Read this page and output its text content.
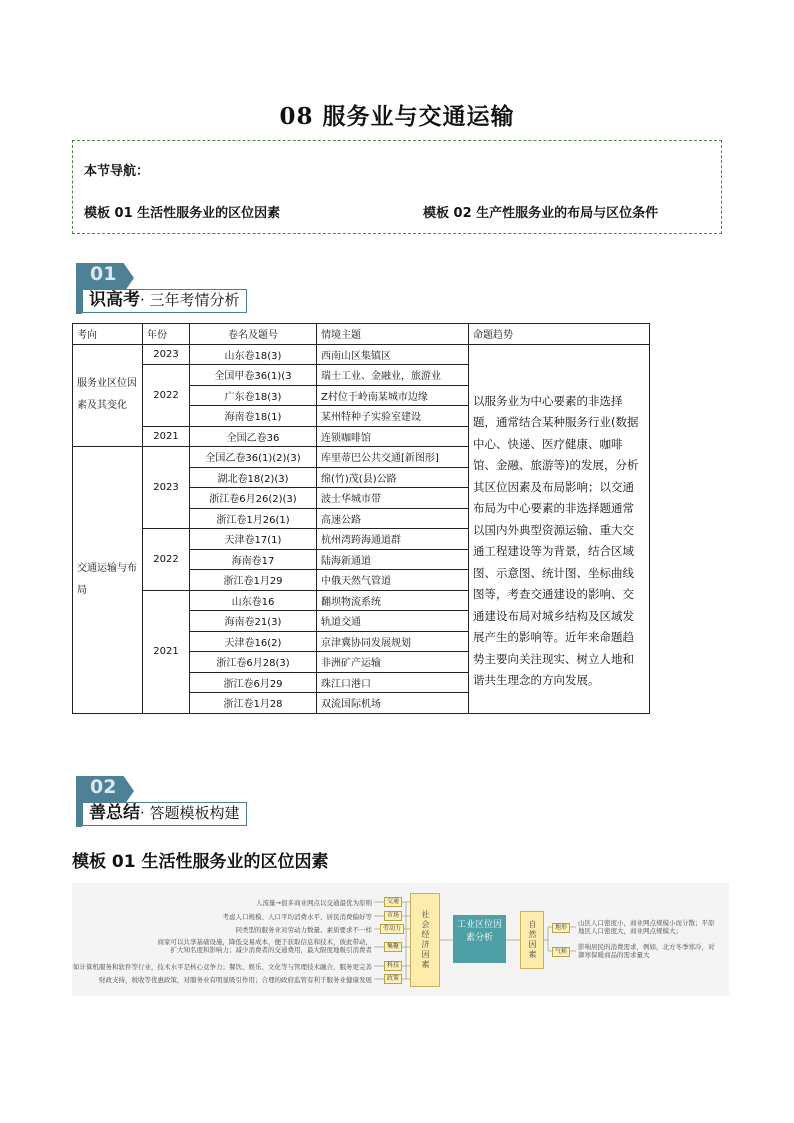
08 服务业与交通运输
本节导航：
模板 01 生活性服务业的区位因素	模板 02 生产性服务业的布局与区位条件
01
识高考· 三年考情分析
考向	年份	卷名及题号	情境主题	命题趋势
服务业区位因素及其变化	2023	山东卷18(3)	西南山区集镇区	以服务业为中心要素的非选择题，通常结合某种服务行业(数据中心、快递、医疗健康、咖啡馆、金融、旅游等)的发展，分析其区位因素及布局影响；以交通布局为中心要素的非选择题通常以国内外典型资源运输、重大交通工程建设等为背景，结合区域图、示意图、统计图、坐标曲线图等，考查交通建设的影响、交通建设布局对城乡结构及区域发展产生的影响等。近年来命题趋势主要向关注现实、树立人地和谐共生理念的方向发展。
	2022	全国甲卷36(1)(3	瑞士工业、金融业，旅游业	
		广东卷18(3)	Z村位于岭南某城市边缘	
		海南卷18(1)	某州特种子实验室建设	
	2021	全国乙卷36	连锁咖啡馆	
交通运输与布局	2023	全国乙卷36(1)(2)(3)	库里蒂巴公共交通[新图形]	
		湖北卷18(2)(3)	绵(竹)茂(县)公路	
		浙江卷6月26(2)(3)	波士华城市带	
		浙江卷1月26(1)	高速公路	
	2022	天津卷17(1)	杭州湾跨海通道群	
		海南卷17	陆海新通道	
		浙江卷1月29	中俄天然气管道	
	2021	山东卷16	翻坝物流系统	
		海南卷21(3)	轨道交通	
		天津卷16(2)	京津冀协同发展规划	
		浙江卷6月28(3)	非洲矿产运输	
		浙江卷6月29	珠江口港口	
		浙江卷1月28	双流国际机场	
02
善总结· 答题模板构建
模板 01 生活性服务业的区位因素
人流量→很多商业网点以交通最优为原则
考虑人口规模、人口平均消费水平、居民消费偏好等
同类型的服务业对劳动力数量、素质要求不一样
商家可以共享基础设施，降低交易成本，便于获取信息和技术，彼此带动，扩大知名度和影响力；减少消费者的交通费用，最大限度地吸引消费者
如计算机服务和软件等行业，技术水平是核心竞争力；餐饮、娱乐、文化等与管理技术融合，服务更完善
财政支持，税收等优惠政策，对服务业有明显吸引作用；合理的政府监管有利于服务业健康发展
交通
市场
劳动力
集聚
科技
政策
社会经济因素	工业区位因素分析	自然因素	地形
气候
山区人口密度小，商业网点规模小而分散；平原地区人口密度大，商业网点规模大；
影响居民的消费需求，例如，北方冬季寒冷，对御寒保暖商品的需求量大
